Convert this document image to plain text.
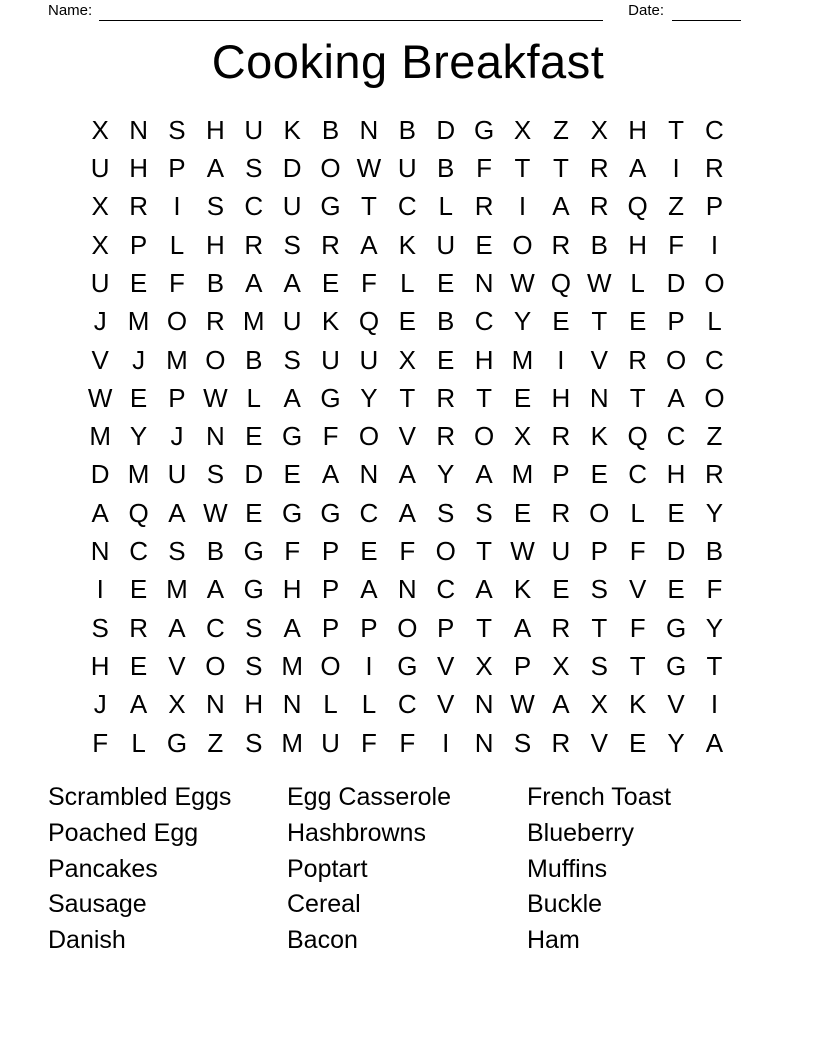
Name:	Date:
Cooking Breakfast
X N S H U K B N B D G X Z X H T C
U H P A S D O W U B F T T R A	I R
X R I	S C U G T C L R I	A R Q Z P
X P L H R S R A K U E O R B H F	I
U E F B A A E F L E N W Q W L D O
J M O R M U K Q E B C Y E T E P L
V J M O B S U U X E H M I	V R O C
W E P W L A G Y T R T E H N T A O
M Y J N E G F O V R O X R K Q C Z
D M U S D E A N A Y A M P E C H R
A Q A W E G G C A S S E R O L E Y
N C S B G F P E F O T W U P F D B
I	E M A G H P A N C A K E S V E F
S R A C S A P P O P T A R T F G Y
H E V O S M O I G V X P X S T G T
J A X N H N L L C V N W A X K V	I
F L G Z S M U F F	I N S R V E Y A
Scrambled Eggs
Poached Egg
Pancakes
Sausage
Danish
Egg Casserole
Hashbrowns
Poptart
Cereal
Bacon
French Toast
Blueberry
Muffins
Buckle
Ham
